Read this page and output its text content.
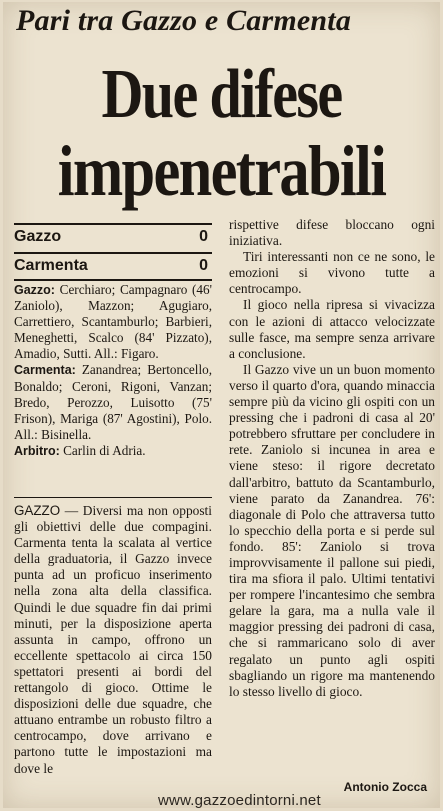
Pari tra Gazzo e Carmenta
Due difese
impenetrabili
Gazzo	0
Carmenta	0

Gazzo: Cerchiaro; Campagnaro (46' Zaniolo), Mazzon; Agugiaro, Carrettiero, Scantamburlo; Barbieri, Meneghetti, Scalco (84' Pizzato), Amadio, Sutti. All.: Figaro.

Carmenta: Zanandrea; Bertoncello, Bonaldo; Ceroni, Rigoni, Vanzan; Bredo, Perozzo, Luisotto (75' Frison), Mariga (87' Agostini), Polo. All.: Bisinella.

Arbitro: Carlin di Adria.

GAZZO — Diversi ma non opposti gli obiettivi delle due compagini. Carmenta tenta la scalata al vertice della graduatoria, il Gazzo invece punta ad un proficuo inserimento nella zona alta della classifica. Quindi le due squadre fin dai primi minuti, per la disposizione aperta assunta in campo, offrono un eccellente spettacolo ai circa 150 spettatori presenti ai bordi del rettangolo di gioco. Ottime le disposizioni delle due squadre, che attuano entrambe un robusto filtro a centrocampo, dove arrivano e partono tutte le impostazioni ma dove le

rispettive difese bloccano ogni iniziativa.

Tiri interessanti non ce ne sono, le emozioni si vivono tutte a centrocampo.

Il gioco nella ripresa si vivacizza con le azioni di attacco velocizzate sulle fasce, ma sempre senza arrivare a conclusione.

Il Gazzo vive un un buon momento verso il quarto d'ora, quando minaccia sempre più da vicino gli ospiti con un pressing che i padroni di casa al 20' potrebbero sfruttare per concludere in rete. Zaniolo si incunea in area e viene steso: il rigore decretato dall'arbitro, battuto da Scantamburlo, viene parato da Zanandrea. 76': diagonale di Polo che attraversa tutto lo specchio della porta e si perde sul fondo. 85': Zaniolo si trova improvvisamente il pallone sui piedi, tira ma sfiora il palo. Ultimi tentativi per rompere l'incantesimo che sembra gelare la gara, ma a nulla vale il maggior pressing dei padroni di casa, che si rammaricano solo di aver regalato un punto agli ospiti sbagliando un rigore ma mantenendo lo stesso livello di gioco.

Antonio Zocca
www.gazzoedintorni.net
